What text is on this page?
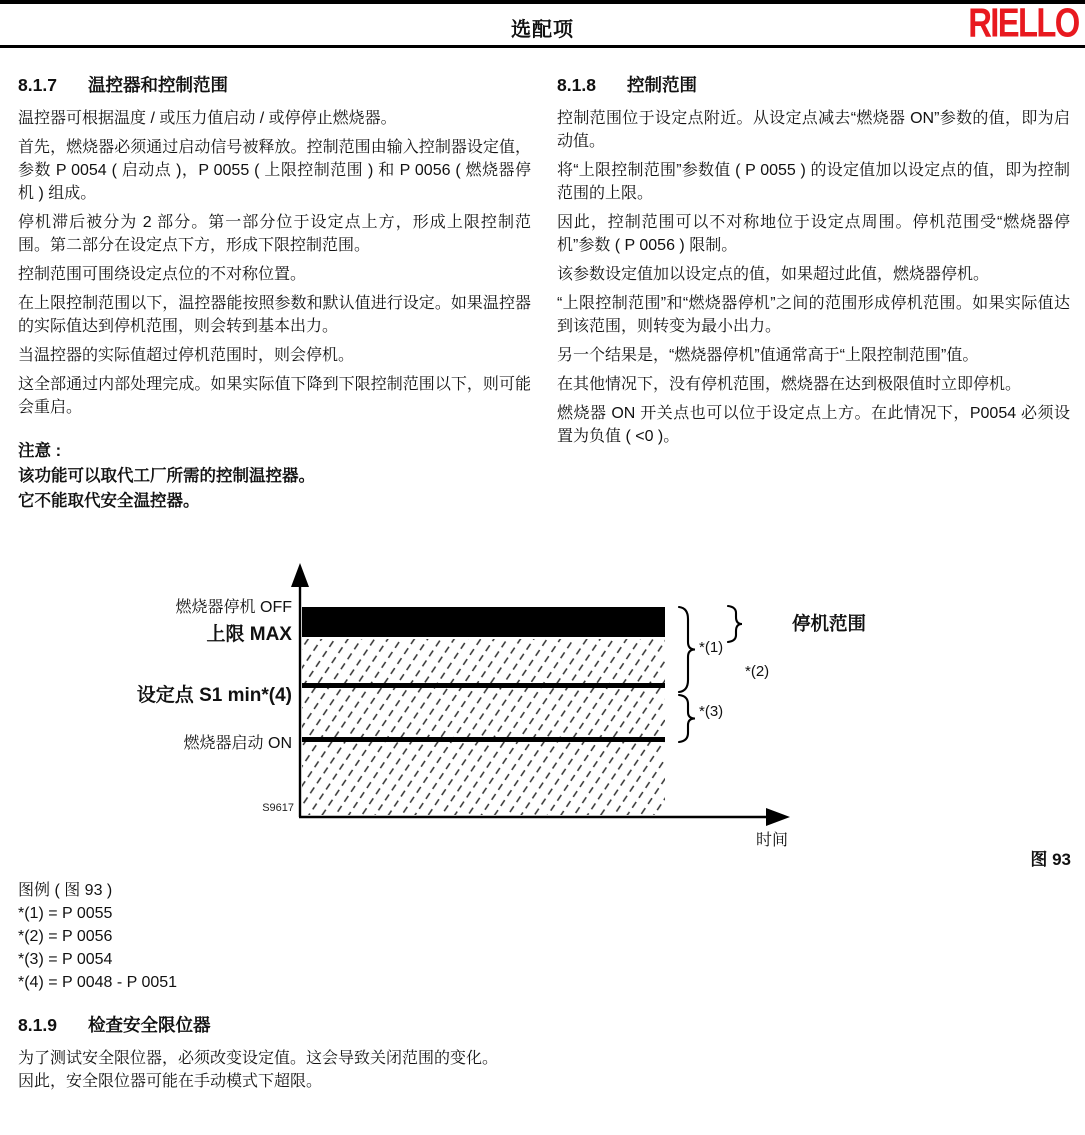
选配项	RIELLO
8.1.7	温控器和控制范围
温控器可根据温度 / 或压力值启动 / 或停停止燃烧器。
首先，燃烧器必须通过启动信号被释放。控制范围由输入控制器设定值，参数 P 0054 ( 启动点 )，P 0055 ( 上限控制范围 ) 和 P 0056 ( 燃烧器停机 ) 组成。
停机滞后被分为 2 部分。第一部分位于设定点上方，形成上限控制范围。第二部分在设定点下方，形成下限控制范围。
控制范围可围绕设定点位的不对称位置。
在上限控制范围以下，温控器能按照参数和默认值进行设定。如果温控器的实际值达到停机范围，则会转到基本出力。
当温控器的实际值超过停机范围时，则会停机。
这全部通过内部处理完成。如果实际值下降到下限控制范围以下，则可能会重启。
注意 :
该功能可以取代工厂所需的控制温控器。
它不能取代安全温控器。
8.1.8	控制范围
控制范围位于设定点附近。从设定点减去“燃烧器 ON”参数的值，即为启动值。
将“上限控制范围”参数值 ( P 0055 ) 的设定值加以设定点的值，即为控制范围的上限。
因此，控制范围可以不对称地位于设定点周围。停机范围受“燃烧器停机”参数 ( P 0056 ) 限制。
该参数设定值加以设定点的值，如果超过此值，燃烧器停机。
“上限控制范围”和“燃烧器停机”之间的范围形成停机范围。如果实际值达到该范围，则转变为最小出力。
另一个结果是，“燃烧器停机”值通常高于“上限控制范围”值。
在其他情况下，没有停机范围，燃烧器在达到极限值时立即停机。
燃烧器 ON 开关点也可以位于设定点上方。在此情况下，P0054 必须设置为负值 ( <0 )。
燃烧器停机 OFF
上限 MAX
设定点 S1 min*(4)
燃烧器启动 ON
S9617
*(1)
*(2)
*(3)
停机范围
时间
图 93
图例 ( 图 93 )
*(1) = P 0055
*(2) = P 0056
*(3) = P 0054
*(4) = P 0048 - P 0051
8.1.9	检查安全限位器
为了测试安全限位器，必须改变设定值。这会导致关闭范围的变化。
因此，安全限位器可能在手动模式下超限。
